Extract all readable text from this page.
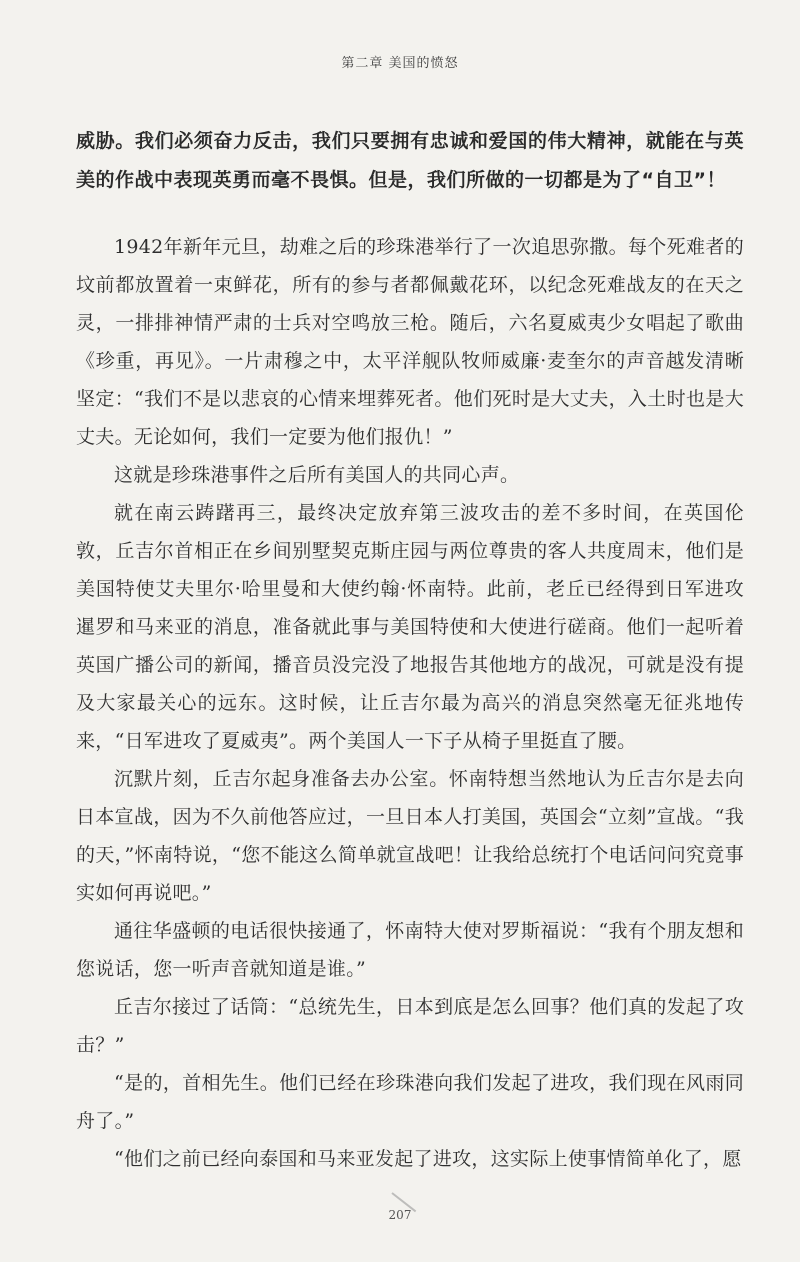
第二章 美国的愤怒

威胁。我们必须奋力反击，我们只要拥有忠诚和爱国的伟大精神，就能在与英美的作战中表现英勇而毫不畏惧。但是，我们所做的一切都是为了“自卫”！

1942年新年元旦，劫难之后的珍珠港举行了一次追思弥撒。每个死难者的坟前都放置着一束鲜花，所有的参与者都佩戴花环，以纪念死难战友的在天之灵，一排排神情严肃的士兵对空鸣放三枪。随后，六名夏威夷少女唱起了歌曲《珍重，再见》。一片肃穆之中，太平洋舰队牧师威廉·麦奎尔的声音越发清晰坚定：“我们不是以悲哀的心情来埋葬死者。他们死时是大丈夫，入土时也是大丈夫。无论如何，我们一定要为他们报仇！”

这就是珍珠港事件之后所有美国人的共同心声。

就在南云踌躇再三，最终决定放弃第三波攻击的差不多时间，在英国伦敦，丘吉尔首相正在乡间别墅契克斯庄园与两位尊贵的客人共度周末，他们是美国特使艾夫里尔·哈里曼和大使约翰·怀南特。此前，老丘已经得到日军进攻暹罗和马来亚的消息，准备就此事与美国特使和大使进行磋商。他们一起听着英国广播公司的新闻，播音员没完没了地报告其他地方的战况，可就是没有提及大家最关心的远东。这时候，让丘吉尔最为高兴的消息突然毫无征兆地传来，“日军进攻了夏威夷”。两个美国人一下子从椅子里挺直了腰。

沉默片刻，丘吉尔起身准备去办公室。怀南特想当然地认为丘吉尔是去向日本宣战，因为不久前他答应过，一旦日本人打美国，英国会“立刻”宣战。“我的天，”怀南特说，“您不能这么简单就宣战吧！让我给总统打个电话问问究竟事实如何再说吧。”

通往华盛顿的电话很快接通了，怀南特大使对罗斯福说：“我有个朋友想和您说话，您一听声音就知道是谁。”

丘吉尔接过了话筒：“总统先生，日本到底是怎么回事？他们真的发起了攻击？”

“是的，首相先生。他们已经在珍珠港向我们发起了进攻，我们现在风雨同舟了。”

“他们之前已经向泰国和马来亚发起了进攻，这实际上使事情简单化了，愿

207
